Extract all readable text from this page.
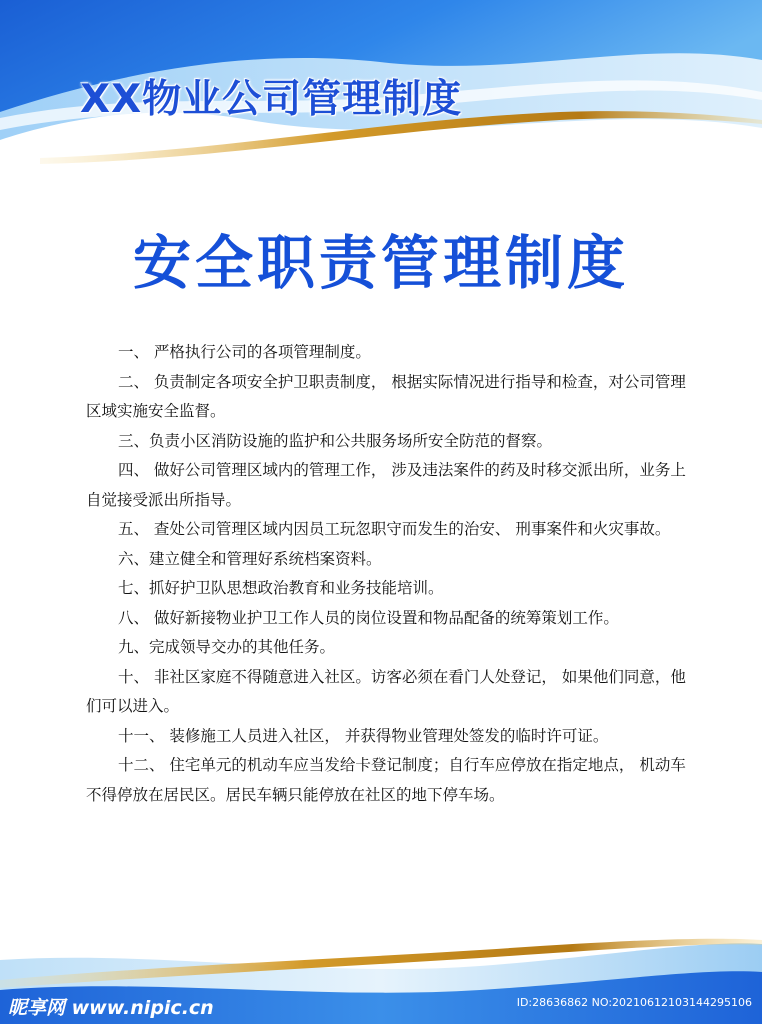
XX物业公司管理制度
安全职责管理制度

一、 严格执行公司的各项管理制度。

二、 负责制定各项安全护卫职责制度， 根据实际情况进行指导和检查，对公司管理区域实施安全监督。

三、负责小区消防设施的监护和公共服务场所安全防范的督察。

四、 做好公司管理区域内的管理工作， 涉及违法案件的药及时移交派出所，业务上自觉接受派出所指导。

五、 查处公司管理区域内因员工玩忽职守而发生的治安、 刑事案件和火灾事故。

六、建立健全和管理好系统档案资料。

七、抓好护卫队思想政治教育和业务技能培训。

八、 做好新接物业护卫工作人员的岗位设置和物品配备的统筹策划工作。

九、完成领导交办的其他任务。

十、 非社区家庭不得随意进入社区。访客必须在看门人处登记， 如果他们同意，他们可以进入。

十一、 装修施工人员进入社区， 并获得物业管理处签发的临时许可证。

十二、 住宅单元的机动车应当发给卡登记制度；自行车应停放在指定地点， 机动车不得停放在居民区。居民车辆只能停放在社区的地下停车场。

昵享网 www.nipic.cn	ID:28636862 NO:20210612103144295106
